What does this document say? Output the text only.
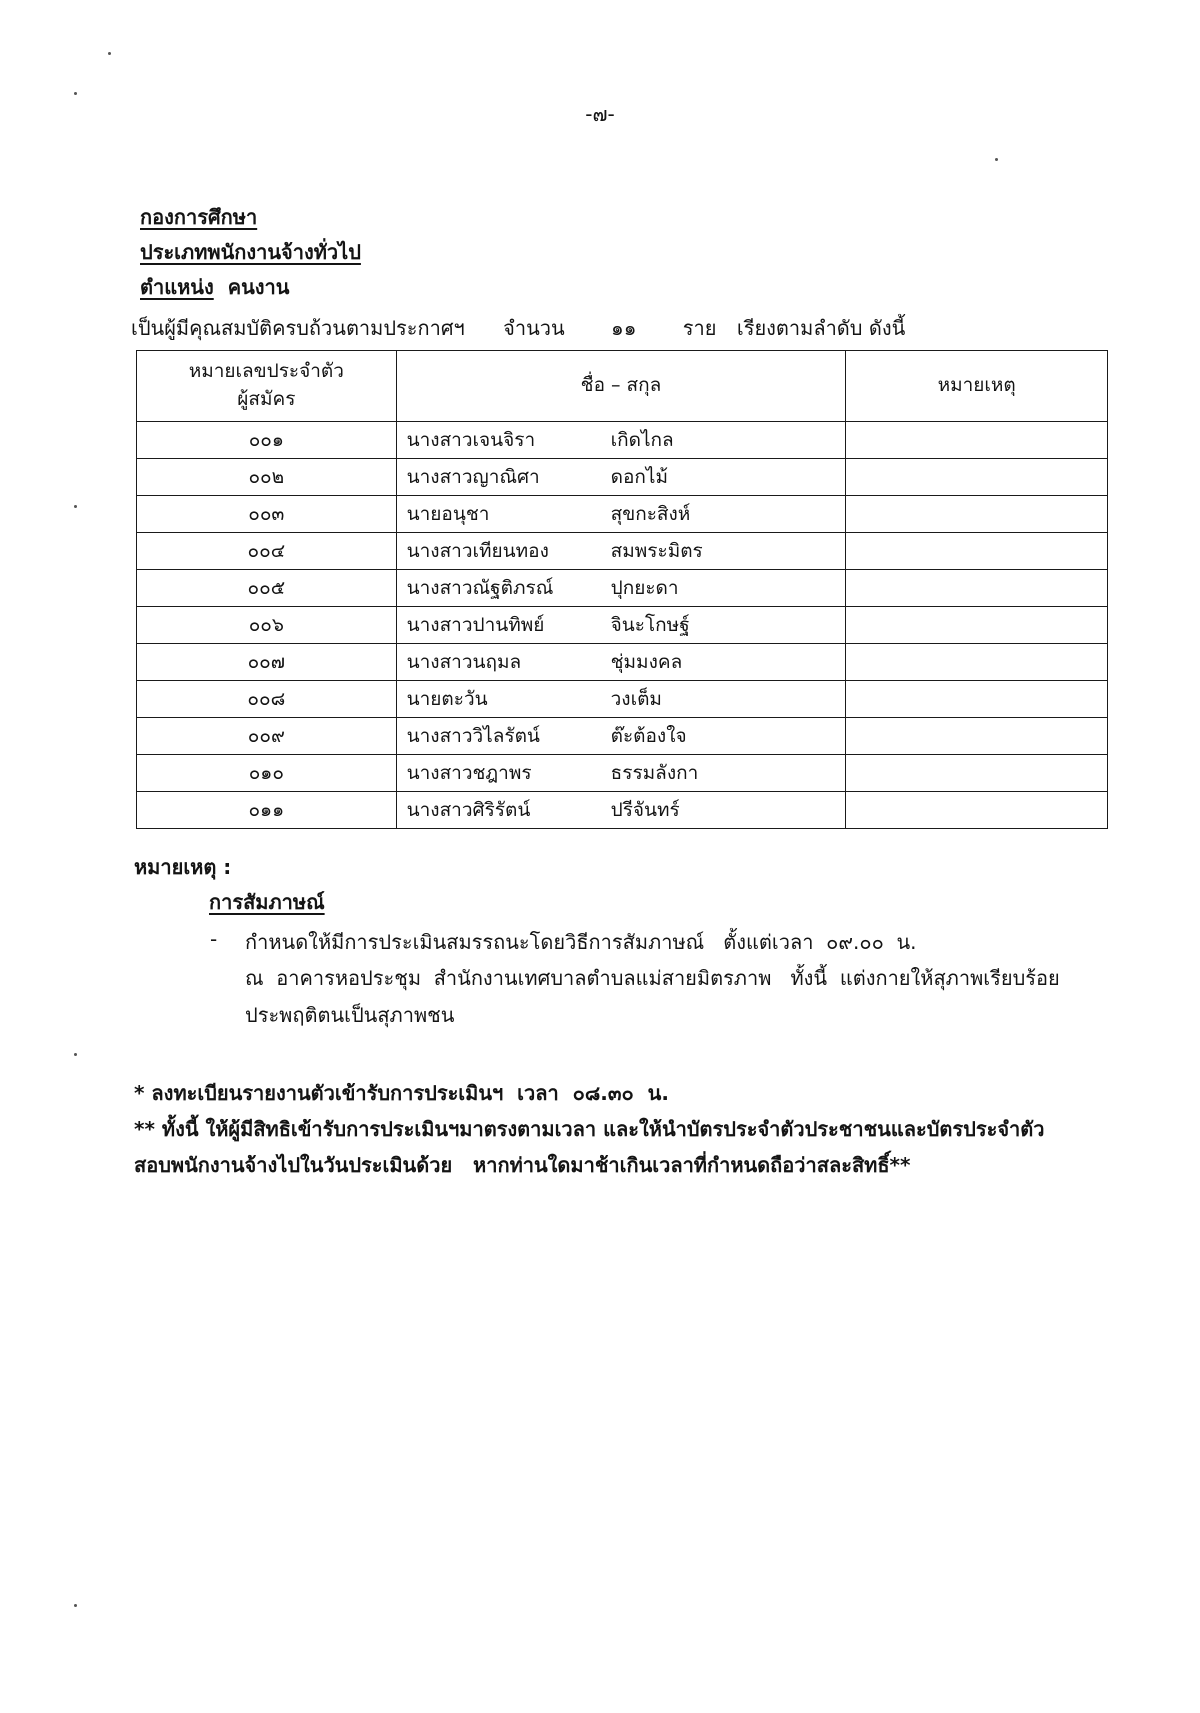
-๗-
กองการศึกษา
ประเภทพนักงานจ้างทั่วไป
ตำแหน่ง คนงาน
เป็นผู้มีคุณสมบัติครบถ้วนตามประกาศฯ จำนวน ๑๑ ราย เรียงตามลำดับ ดังนี้
หมายเลขประจำตัว
ผู้สมัคร	ชื่อ – สกุล	หมายเหตุ
๐๐๑	นางสาวเจนจิรา เกิดไกล	
๐๐๒	นางสาวญาณิศา ดอกไม้	
๐๐๓	นายอนุชา สุขกะสิงห์	
๐๐๔	นางสาวเทียนทอง สมพระมิตร	
๐๐๕	นางสาวณัฐติภรณ์ ปุกยะดา	
๐๐๖	นางสาวปานทิพย์ จินะโกษฐ์	
๐๐๗	นางสาวนฤมล ชุ่มมงคล	
๐๐๘	นายตะวัน วงเต็ม	
๐๐๙	นางสาววิไลรัตน์ ต๊ะต้องใจ	
๐๑๐	นางสาวชฎาพร ธรรมลังกา	
๐๑๑	นางสาวศิริรัตน์ ปรีจันทร์	
หมายเหตุ :
การสัมภาษณ์
- กำหนดให้มีการประเมินสมรรถนะโดยวิธีการสัมภาษณ์   ตั้งแต่เวลา  ๐๙.๐๐  น.
ณ  อาคารหอประชุม  สำนักงานเทศบาลตำบลแม่สายมิตรภาพ   ทั้งนี้  แต่งกายให้สุภาพเรียบร้อย
ประพฤติตนเป็นสุภาพชน
* ลงทะเบียนรายงานตัวเข้ารับการประเมินฯ  เวลา  ๐๘.๓๐  น.
** ทั้งนี้ ให้ผู้มีสิทธิเข้ารับการประเมินฯมาตรงตามเวลา และให้นำบัตรประจำตัวประชาชนและบัตรประจำตัว
สอบพนักงานจ้างไปในวันประเมินด้วย   หากท่านใดมาช้าเกินเวลาที่กำหนดถือว่าสละสิทธิ์**
